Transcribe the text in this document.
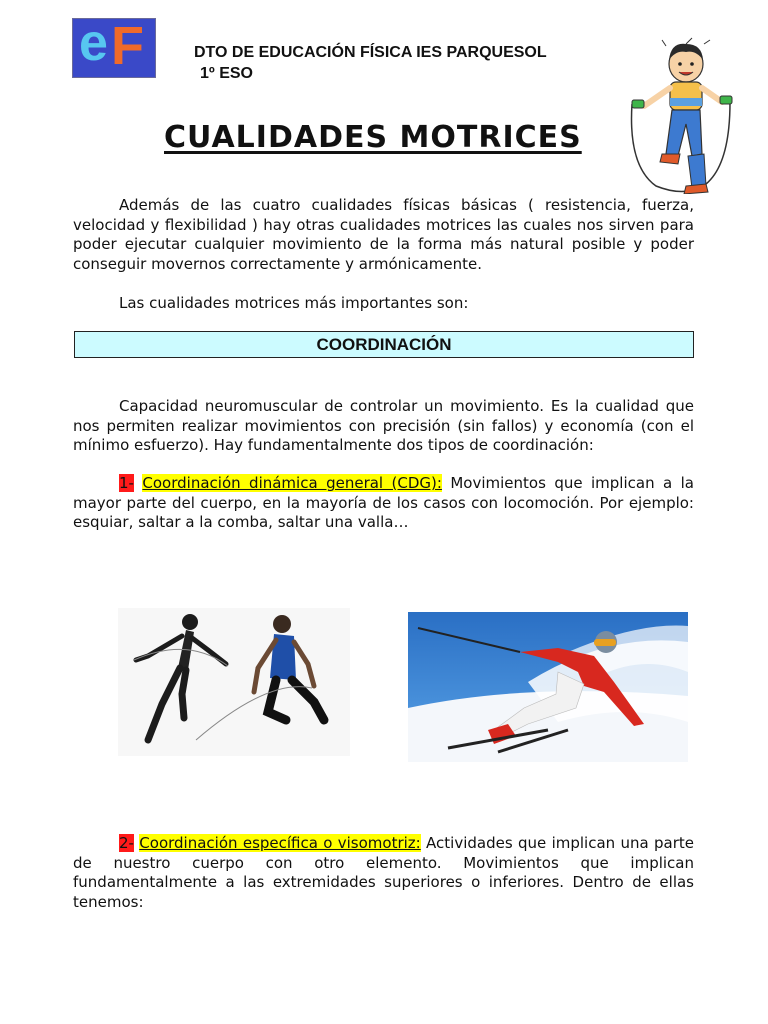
e F	DTO DE EDUCACIÓN FÍSICA IES PARQUESOL
1º ESO
CUALIDADES MOTRICES
Además de las cuatro cualidades físicas básicas ( resistencia, fuerza, velocidad y flexibilidad ) hay otras cualidades motrices las cuales nos sirven para poder ejecutar cualquier movimiento de la forma más natural posible y poder conseguir movernos correctamente y armónicamente.
Las cualidades motrices más importantes son:
COORDINACIÓN
Capacidad neuromuscular de controlar un movimiento. Es la cualidad que nos permiten realizar movimientos con precisión (sin fallos) y economía (con el mínimo esfuerzo). Hay fundamentalmente dos tipos de coordinación:
1- Coordinación dinámica general (CDG): Movimientos que implican a la mayor parte del cuerpo, en la mayoría de los casos con locomoción. Por ejemplo: esquiar, saltar a la comba, saltar una valla…
2- Coordinación específica o visomotriz: Actividades que implican una parte de nuestro cuerpo con otro elemento. Movimientos que implican fundamentalmente a las extremidades superiores o inferiores. Dentro de ellas tenemos:
